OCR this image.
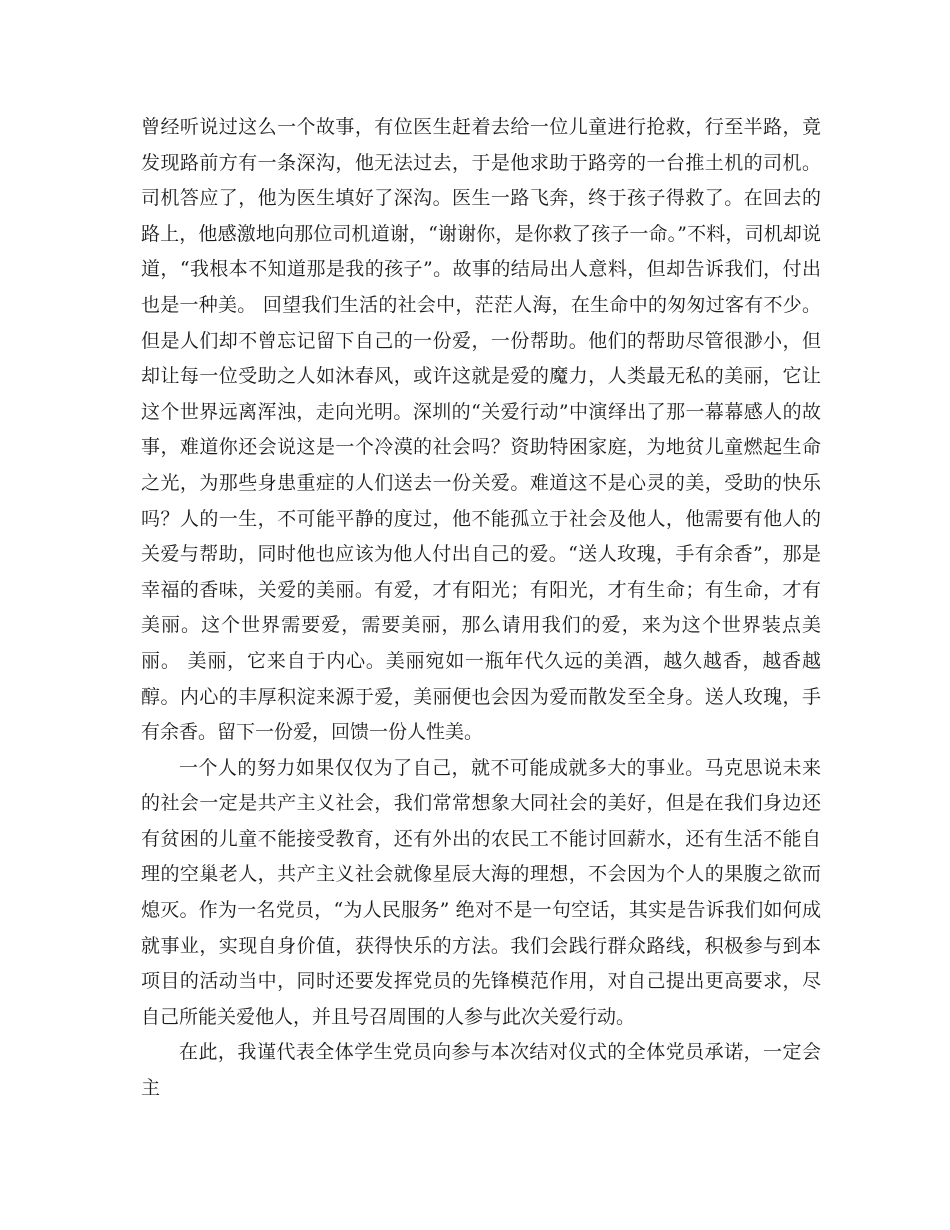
曾经听说过这么一个故事，有位医生赶着去给一位儿童进行抢救，行至半路，竟发现路前方有一条深沟，他无法过去，于是他求助于路旁的一台推土机的司机。司机答应了，他为医生填好了深沟。医生一路飞奔，终于孩子得救了。在回去的路上，他感激地向那位司机道谢，“谢谢你，是你救了孩子一命。”不料，司机却说道，“我根本不知道那是我的孩子”。故事的结局出人意料，但却告诉我们，付出也是一种美。 回望我们生活的社会中，茫茫人海，在生命中的匆匆过客有不少。但是人们却不曾忘记留下自己的一份爱，一份帮助。他们的帮助尽管很渺小，但却让每一位受助之人如沐春风，或许这就是爱的魔力，人类最无私的美丽，它让这个世界远离浑浊，走向光明。深圳的“关爱行动”中演绎出了那一幕幕感人的故事，难道你还会说这是一个冷漠的社会吗？资助特困家庭，为地贫儿童燃起生命之光，为那些身患重症的人们送去一份关爱。难道这不是心灵的美，受助的快乐吗？人的一生，不可能平静的度过，他不能孤立于社会及他人，他需要有他人的关爱与帮助，同时他也应该为他人付出自己的爱。“送人玫瑰，手有余香”，那是幸福的香味，关爱的美丽。有爱，才有阳光；有阳光，才有生命；有生命，才有美丽。这个世界需要爱，需要美丽，那么请用我们的爱，来为这个世界装点美丽。 美丽，它来自于内心。美丽宛如一瓶年代久远的美酒，越久越香，越香越醇。内心的丰厚积淀来源于爱，美丽便也会因为爱而散发至全身。送人玫瑰，手有余香。留下一份爱，回馈一份人性美。

一个人的努力如果仅仅为了自己，就不可能成就多大的事业。马克思说未来的社会一定是共产主义社会，我们常常想象大同社会的美好，但是在我们身边还有贫困的儿童不能接受教育，还有外出的农民工不能讨回薪水，还有生活不能自理的空巢老人，共产主义社会就像星辰大海的理想，不会因为个人的果腹之欲而熄灭。作为一名党员，“为人民服务” 绝对不是一句空话，其实是告诉我们如何成就事业，实现自身价值，获得快乐的方法。我们会践行群众路线，积极参与到本项目的活动当中，同时还要发挥党员的先锋模范作用，对自己提出更高要求，尽自己所能关爱他人，并且号召周围的人参与此次关爱行动。

在此，我谨代表全体学生党员向参与本次结对仪式的全体党员承诺，一定会主
